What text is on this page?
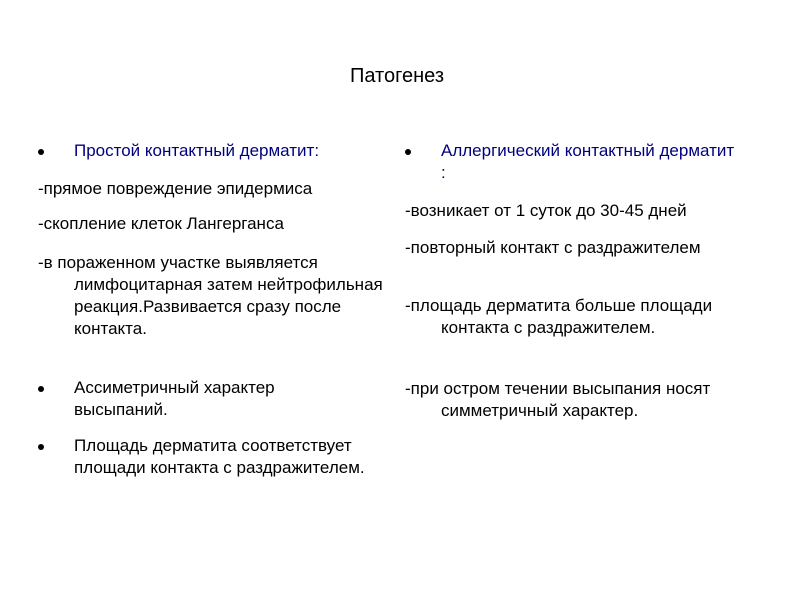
Патогенез
Простой контактный дерматит:
-прямое повреждение эпидермиса
-скопление клеток Лангерганса
-в пораженном участке выявляется лимфоцитарная затем нейтрофильная реакция.Развивается сразу после контакта.
Ассиметричный характер высыпаний.
Площадь дерматита соответствует площади контакта с раздражителем.
Аллергический контактный дерматит :
-возникает от 1 суток до 30-45 дней
-повторный контакт с раздражителем
-площадь дерматита больше площади контакта с раздражителем.
-при остром течении высыпания носят симметричный характер.
